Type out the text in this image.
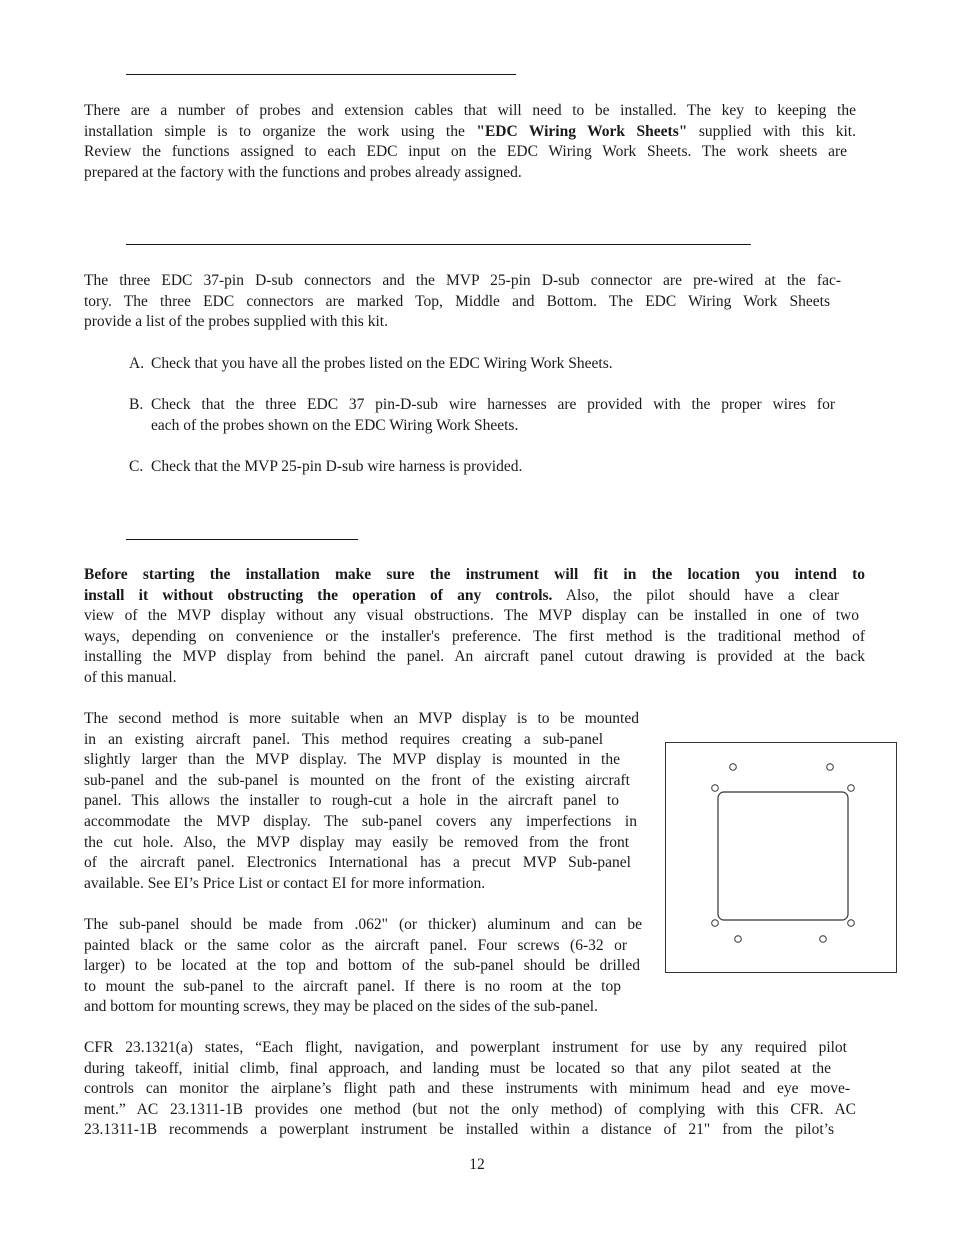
There are a number of probes and extension cables that will need to be installed. The key to keeping the
installation simple is to organize the work using the "EDC Wiring Work Sheets" supplied with this kit.
Review the functions assigned to each EDC input on the EDC Wiring Work Sheets. The work sheets are
prepared at the factory with the functions and probes already assigned.
The three EDC 37-pin D-sub connectors and the MVP 25-pin D-sub connector are pre-wired at the fac-
tory. The three EDC connectors are marked Top, Middle and Bottom. The EDC Wiring Work Sheets
provide a list of the probes supplied with this kit.
A. Check that you have all the probes listed on the EDC Wiring Work Sheets.
B. Check that the three EDC 37 pin-D-sub wire harnesses are provided with the proper wires for
each of the probes shown on the EDC Wiring Work Sheets.
C. Check that the MVP 25-pin D-sub wire harness is provided.
Before starting the installation make sure the instrument will fit in the location you intend to
install it without obstructing the operation of any controls. Also, the pilot should have a clear
view of the MVP display without any visual obstructions. The MVP display can be installed in one of two
ways, depending on convenience or the installer's preference. The first method is the traditional method of
installing the MVP display from behind the panel. An aircraft panel cutout drawing is provided at the back
of this manual.
The second method is more suitable when an MVP display is to be mounted
in an existing aircraft panel. This method requires creating a sub-panel
slightly larger than the MVP display. The MVP display is mounted in the
sub-panel and the sub-panel is mounted on the front of the existing aircraft
panel. This allows the installer to rough-cut a hole in the aircraft panel to
accommodate the MVP display. The sub-panel covers any imperfections in
the cut hole. Also, the MVP display may easily be removed from the front
of the aircraft panel. Electronics International has a precut MVP Sub-panel
available. See EI’s Price List or contact EI for more information.
The sub-panel should be made from .062" (or thicker) aluminum and can be
painted black or the same color as the aircraft panel. Four screws (6-32 or
larger) to be located at the top and bottom of the sub-panel should be drilled
to mount the sub-panel to the aircraft panel. If there is no room at the top
and bottom for mounting screws, they may be placed on the sides of the sub-panel.
CFR 23.1321(a) states, “Each flight, navigation, and powerplant instrument for use by any required pilot
during takeoff, initial climb, final approach, and landing must be located so that any pilot seated at the
controls can monitor the airplane’s flight path and these instruments with minimum head and eye move-
ment.” AC 23.1311-1B provides one method (but not the only method) of complying with this CFR. AC
23.1311-1B recommends a powerplant instrument be installed within a distance of 21" from the pilot’s
12
